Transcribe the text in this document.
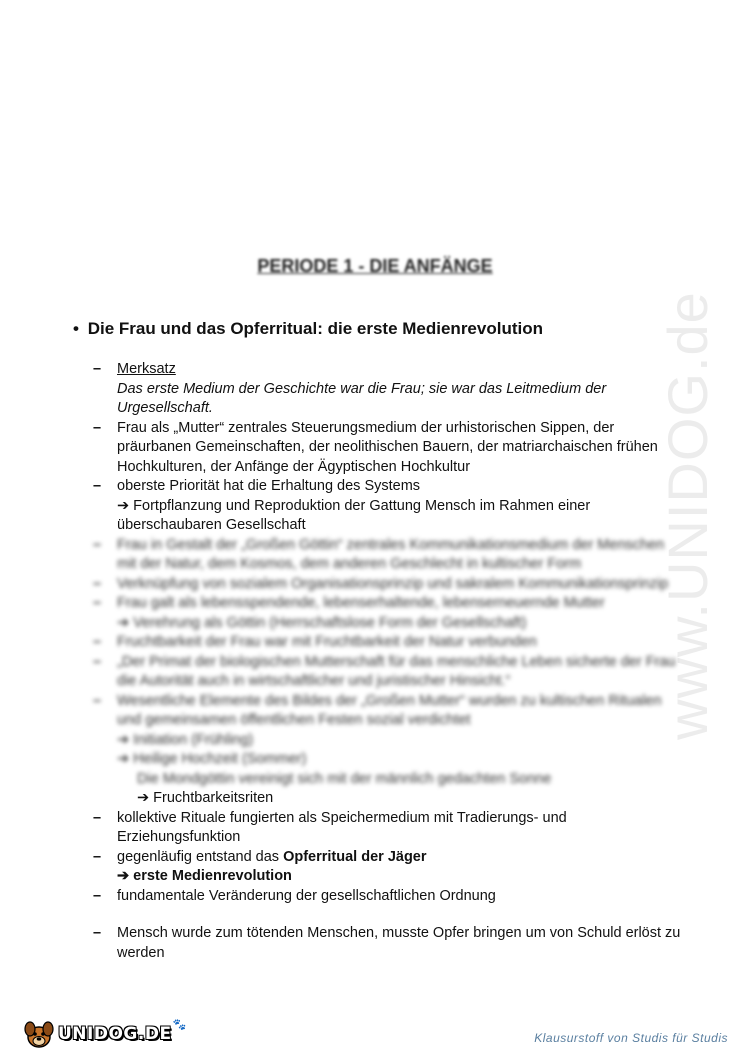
www.UNIDOG.de
PERIODE 1 - DIE ANFÄNGE
• Die Frau und das Opferritual: die erste Medienrevolution
–	Merksatz
Das erste Medium der Geschichte war die Frau; sie war das Leitmedium der Urgesellschaft.
–	Frau als „Mutter“ zentrales Steuerungsmedium der urhistorischen Sippen, der präurbanen Gemeinschaften, der neolithischen Bauern, der matriarchaischen frühen Hochkulturen, der Anfänge der Ägyptischen Hochkultur
–	oberste Priorität hat die Erhaltung des Systems
➔ Fortpflanzung und Reproduktion der Gattung Mensch im Rahmen einer überschaubaren Gesellschaft
–	Frau in Gestalt der „Großen Göttin“ zentrales Kommunikationsmedium der Menschen mit der Natur, dem Kosmos, dem anderen Geschlecht in kultischer Form
–	Verknüpfung von sozialem Organisationsprinzip und sakralem Kommunikationsprinzip
–	Frau galt als lebensspendende, lebenserhaltende, lebenserneuernde Mutter
➔ Verehrung als Göttin (Herrschaftslose Form der Gesellschaft)
–	Fruchtbarkeit der Frau war mit Fruchtbarkeit der Natur verbunden
–	„Der Primat der biologischen Mutterschaft für das menschliche Leben sicherte der Frau die Autorität auch in wirtschaftlicher und juristischer Hinsicht.“
–	Wesentliche Elemente des Bildes der „Großen Mutter“ wurden zu kultischen Ritualen und gemeinsamen öffentlichen Festen sozial verdichtet
➔ Initiation (Frühling)
➔ Heilige Hochzeit (Sommer)
Die Mondgöttin vereinigt sich mit der männlich gedachten Sonne
➔ Fruchtbarkeitsriten
–	kollektive Rituale fungierten als Speichermedium mit Tradierungs- und Erziehungsfunktion
–	gegenläufig entstand das Opferritual der Jäger
➔ erste Medienrevolution
–	fundamentale Veränderung der gesellschaftlichen Ordnung
–	Mensch wurde zum tötenden Menschen, musste Opfer bringen um von Schuld erlöst zu werden
UNIDOG.DE 🐾
Klausurstoff von Studis für Studis
